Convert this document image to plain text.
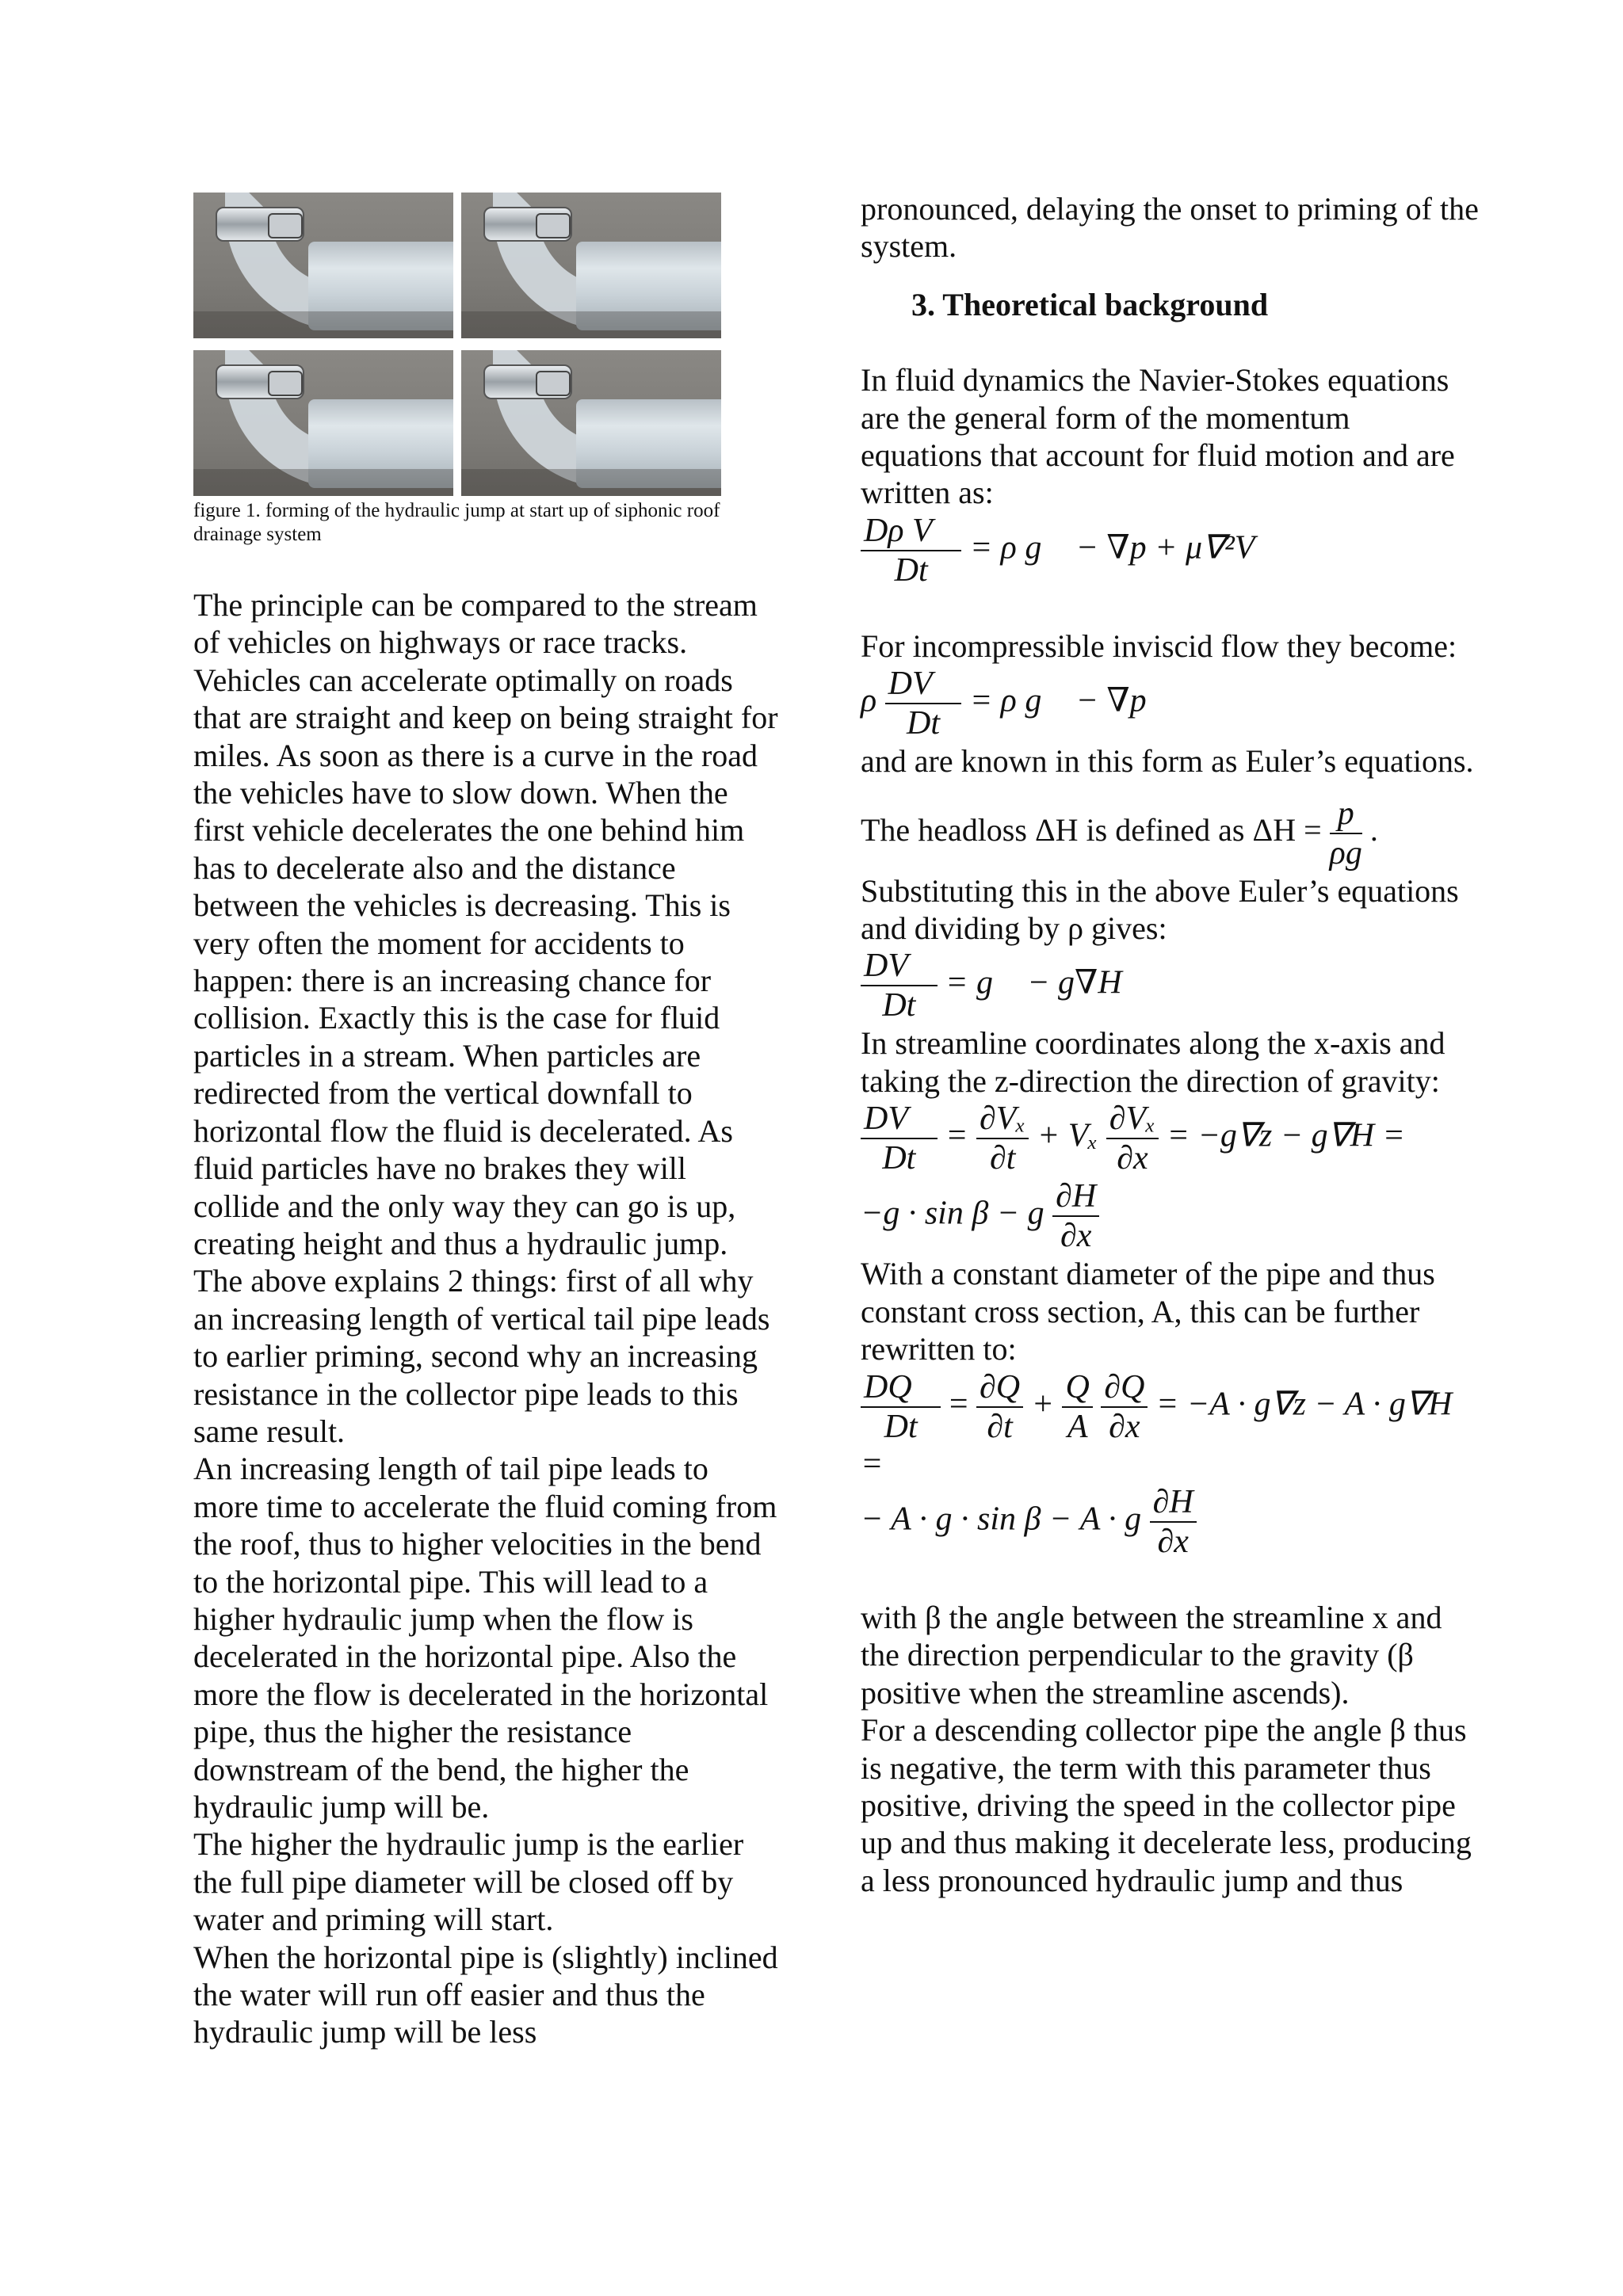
figure 1. forming of the hydraulic jump at start up of siphonic roof drainage system

The principle can be compared to the stream of vehicles on highways or race tracks. Vehicles can accelerate optimally on roads that are straight and keep on being straight for miles. As soon as there is a curve in the road the vehicles have to slow down. When the first vehicle decelerates the one behind him has to decelerate also and the distance between the vehicles is decreasing. This is very often the moment for accidents to happen: there is an increasing chance for collision. Exactly this is the case for fluid particles in a stream. When particles are redirected from the vertical downfall to horizontal flow the fluid is decelerated. As fluid particles have no brakes they will collide and the only way they can go is up, creating height and thus a hydraulic jump.

The above explains 2 things: first of all why an increasing length of vertical tail pipe leads to earlier priming, second why an increasing resistance in the collector pipe leads to this same result.

An increasing length of tail pipe leads to more time to accelerate the fluid coming from the roof, thus to higher velocities in the bend to the horizontal pipe. This will lead to a higher hydraulic jump when the flow is decelerated in the horizontal pipe. Also the more the flow is decelerated in the horizontal pipe, thus the higher the resistance downstream of the bend, the higher the hydraulic jump will be.

The higher the hydraulic jump is the earlier the full pipe diameter will be closed off by water and priming will start.

When the horizontal pipe is (slightly) inclined the water will run off easier and thus the hydraulic jump will be less

pronounced, delaying the onset to priming of the system.

3. Theoretical background

In fluid dynamics the Navier-Stokes equations are the general form of the momentum equations that account for fluid motion and are written as:

$\frac{\text{Dρ V⃗}}{Dt} = \rho$ g⃗ − ∇p + μ∇²V⃗

For incompressible inviscid flow they become:

ρ $\frac{DV⃗}{Dt} = \rho$ g⃗ − ∇p

and are known in this form as Euler’s equations.

The headloss ΔH is defined as $\Delta H = \frac{p}{\rho g}$ .

Substituting this in the above Euler’s equations and dividing by ρ gives:

$\frac{DV⃗}{Dt}$ = g⃗ − g∇H

In streamline coordinates along the x-axis and taking the z-direction the direction of gravity:

$\frac{DV⃗}{Dt} = \frac{\text{∂Vₓ}}{\partial t} + V_x \frac{\text{∂Vₓ}}{\partial x} = -g\nabla z - g\nabla H$ =
−g · sin β − g $\frac{\partial H}{\partial x}$

With a constant diameter of the pipe and thus constant cross section, A, this can be further rewritten to:

$\frac{DQ⃗}{Dt} = \frac{\partial Q}{\partial t} + \frac{Q}{A}$
$\frac{\partial Q}{\partial x} = -A \cdot g\nabla z - A \cdot g\nabla H$ =
− A · g · sin β − A · g $\frac{\partial H}{\partial x}$

with β the angle between the streamline x and the direction perpendicular to the gravity (β positive when the streamline ascends).

For a descending collector pipe the angle β thus is negative, the term with this parameter thus positive, driving the speed in the collector pipe up and thus making it decelerate less, producing a less pronounced hydraulic jump and thus
